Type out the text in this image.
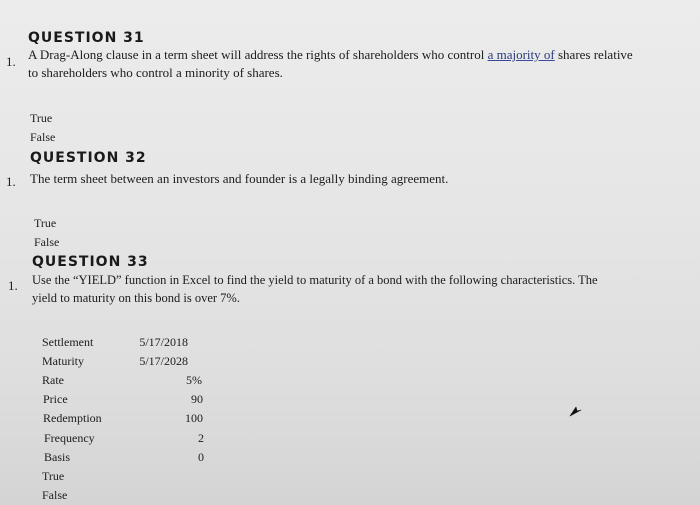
QUESTION 31
1. A Drag-Along clause in a term sheet will address the rights of shareholders who control a majority of shares relative
to shareholders who control a minority of shares.
True
False
QUESTION 32
1. The term sheet between an investors and founder is a legally binding agreement.
True
False
QUESTION 33
1. Use the “YIELD” function in Excel to find the yield to maturity of a bond with the following characteristics. The
yield to maturity on this bond is over 7%.
Settlement	5/17/2018
Maturity	5/17/2028
Rate	5%
Price	90
Redemption	100
Frequency	2
Basis	0
True
False
